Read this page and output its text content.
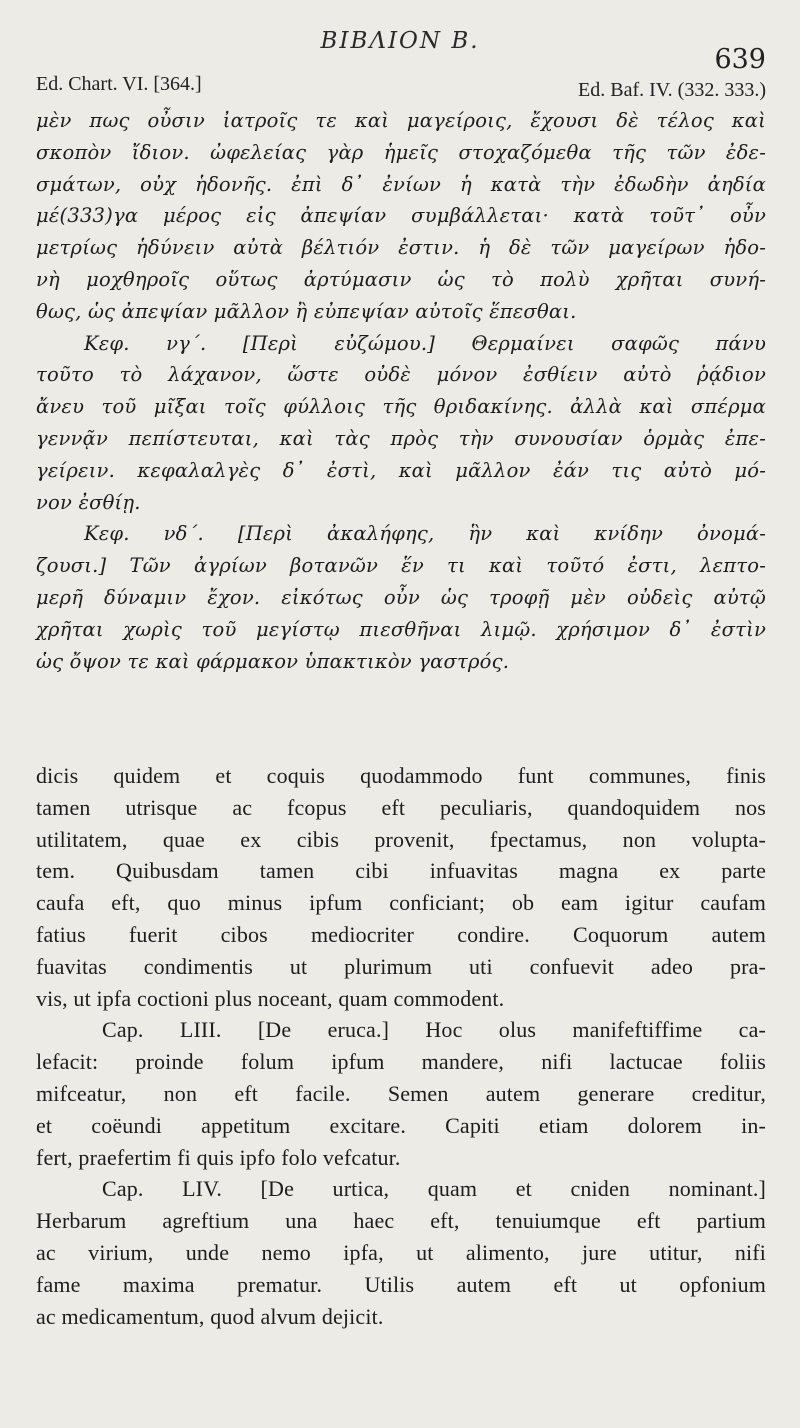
BIBΛΙΟΝ Β.
639
Ed. Chart. VI. [364.]	Ed. Baf. IV. (332. 333.)
μὲν πως οὖσιν ἰατροῖς τε καὶ μαγείροις, ἔχουσι δὲ τέλος καὶ
σκοπὸν ἴδιον. ὠφελείας γὰρ ἡμεῖς στοχαζόμεθα τῆς τῶν ἐδε-
σμάτων, οὐχ ἡδονῆς. ἐπὶ δ᾽ ἐνίων ἡ κατὰ τὴν ἐδωδὴν ἀηδία
μέ(333)γα μέρος εἰς ἀπεψίαν συμβάλλεται· κατὰ τοῦτ᾽ οὖν
μετρίως ἡδύνειν αὐτὰ βέλτιόν ἐστιν. ἡ δὲ τῶν μαγείρων ἡδο-
νὴ μοχθηροῖς οὕτως ἀρτύμασιν ὡς τὸ πολὺ χρῆται συνή-
θως, ὡς ἀπεψίαν μᾶλλον ἢ εὐπεψίαν αὐτοῖς ἕπεσθαι.
Κεφ. νγ΄. [Περὶ εὐζώμου.] Θερμαίνει σαφῶς πάνυ
τοῦτο τὸ λάχανον, ὥστε οὐδὲ μόνον ἐσθίειν αὐτὸ ῥᾴδιον
ἄνευ τοῦ μῖξαι τοῖς φύλλοις τῆς θριδακίνης. ἀλλὰ καὶ σπέρμα
γεννᾷν πεπίστευται, καὶ τὰς πρὸς τὴν συνουσίαν ὁρμὰς ἐπε-
γείρειν. κεφαλαλγὲς δ᾽ ἐστὶ, καὶ μᾶλλον ἐάν τις αὐτὸ μό-
νον ἐσθίῃ.
Κεφ. νδ΄. [Περὶ ἀκαλήφης, ἣν καὶ κνίδην ὀνομά-
ζουσι.] Τῶν ἀγρίων βοτανῶν ἕν τι καὶ τοῦτό ἐστι, λεπτο-
μερῆ δύναμιν ἔχον. εἰκότως οὖν ὡς τροφῇ μὲν οὐδεὶς αὐτῷ
χρῆται χωρὶς τοῦ μεγίστῳ πιεσθῆναι λιμῷ. χρήσιμον δ᾽ ἐστὶν
ὡς ὄψον τε καὶ φάρμακον ὑπακτικὸν γαστρός.
dicis quidem et coquis quodammodo funt communes, finis
tamen utrisque ac fcopus eft peculiaris, quandoquidem nos
utilitatem, quae ex cibis provenit, fpectamus, non volupta-
tem. Quibusdam tamen cibi infuavitas magna ex parte
caufa eft, quo minus ipfum conficiant; ob eam igitur caufam
fatius fuerit cibos mediocriter condire. Coquorum autem
fuavitas condimentis ut plurimum uti confuevit adeo pra-
vis, ut ipfa coctioni plus noceant, quam commodent.
Cap. LIII. [De eruca.] Hoc olus manifeftiffime ca-
lefacit: proinde folum ipfum mandere, nifi lactucae foliis
mifceatur, non eft facile. Semen autem generare creditur,
et coëundi appetitum excitare. Capiti etiam dolorem in-
fert, praefertim fi quis ipfo folo vefcatur.
Cap. LIV. [De urtica, quam et cniden nominant.]
Herbarum agreftium una haec eft, tenuiumque eft partium
ac virium, unde nemo ipfa, ut alimento, jure utitur, nifi
fame maxima prematur. Utilis autem eft ut opfonium
ac medicamentum, quod alvum dejicit.
